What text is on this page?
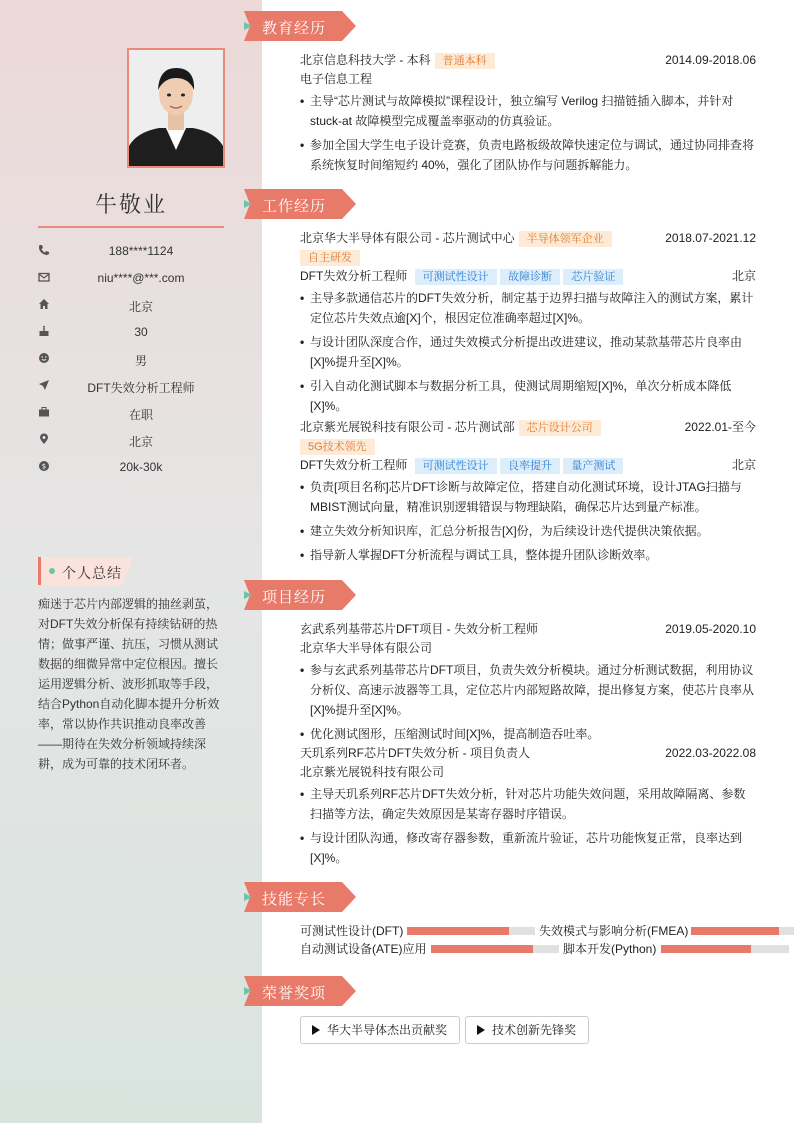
牛敬业
188****1124
niu****@***.com
北京
30
男
DFT失效分析工程师
在职
北京
$	20k-30k
个人总结
痴迷于芯片内部逻辑的抽丝剥茧，对DFT失效分析保有持续钻研的热情；做事严谨、抗压，习惯从测试数据的细微异常中定位根因。擅长运用逻辑分析、波形抓取等手段，结合Python自动化脚本提升分析效率，常以协作共识推动良率改善——期待在失效分析领域持续深耕，成为可靠的技术闭环者。
教育经历
工作经历
项目经历
技能专长
荣誉奖项
北京信息科技大学 - 本科 普通本科	2014.09-2018.06
电子信息工程
• 主导“芯片测试与故障模拟”课程设计，独立编写 Verilog 扫描链插入脚本，并针对 stuck-at 故障模型完成覆盖率驱动的仿真验证。
• 参加全国大学生电子设计竞赛，负责电路板级故障快速定位与调试，通过协同排查将系统恢复时间缩短约 40%，强化了团队协作与问题拆解能力。
北京华大半导体有限公司 - 芯片测试中心 半导体领军企业	2018.07-2021.12
自主研发
DFT失效分析工程师 可测试性设计 故障诊断 芯片验证	北京
• 主导多款通信芯片的DFT失效分析，制定基于边界扫描与故障注入的测试方案，累计定位芯片失效点逾[X]个，根因定位准确率超过[X]%。
• 与设计团队深度合作，通过失效模式分析提出改进建议，推动某款基带芯片良率由[X]%提升至[X]%。
• 引入自动化测试脚本与数据分析工具，使测试周期缩短[X]%，单次分析成本降低[X]%。
北京紫光展锐科技有限公司 - 芯片测试部 芯片设计公司	2022.01-至今
5G技术领先
DFT失效分析工程师 可测试性设计 良率提升 量产测试	北京
• 负责[项目名称]芯片DFT诊断与故障定位，搭建自动化测试环境，设计JTAG扫描与MBIST测试向量，精准识别逻辑错误与物理缺陷，确保芯片达到量产标准。
• 建立失效分析知识库，汇总分析报告[X]份，为后续设计迭代提供决策依据。
• 指导新人掌握DFT分析流程与调试工具，整体提升团队诊断效率。
玄武系列基带芯片DFT项目 - 失效分析工程师	2019.05-2020.10
北京华大半导体有限公司
• 参与玄武系列基带芯片DFT项目，负责失效分析模块。通过分析测试数据，利用协议分析仪、高速示波器等工具，定位芯片内部短路故障，提出修复方案，使芯片良率从[X]%提升至[X]%。
• 优化测试图形，压缩测试时间[X]%，提高制造吞吐率。
天玑系列RF芯片DFT失效分析 - 项目负责人	2022.03-2022.08
北京紫光展锐科技有限公司
• 主导天玑系列RF芯片DFT失效分析，针对芯片功能失效问题，采用故障隔离、参数扫描等方法，确定失效原因是某寄存器时序错误。
• 与设计团队沟通，修改寄存器参数，重新流片验证，芯片功能恢复正常，良率达到[X]%。
可测试性设计(DFT)	失效模式与影响分析(FMEA)
自动测试设备(ATE)应用	脚本开发(Python)
华大半导体杰出贡献奖	技术创新先锋奖
